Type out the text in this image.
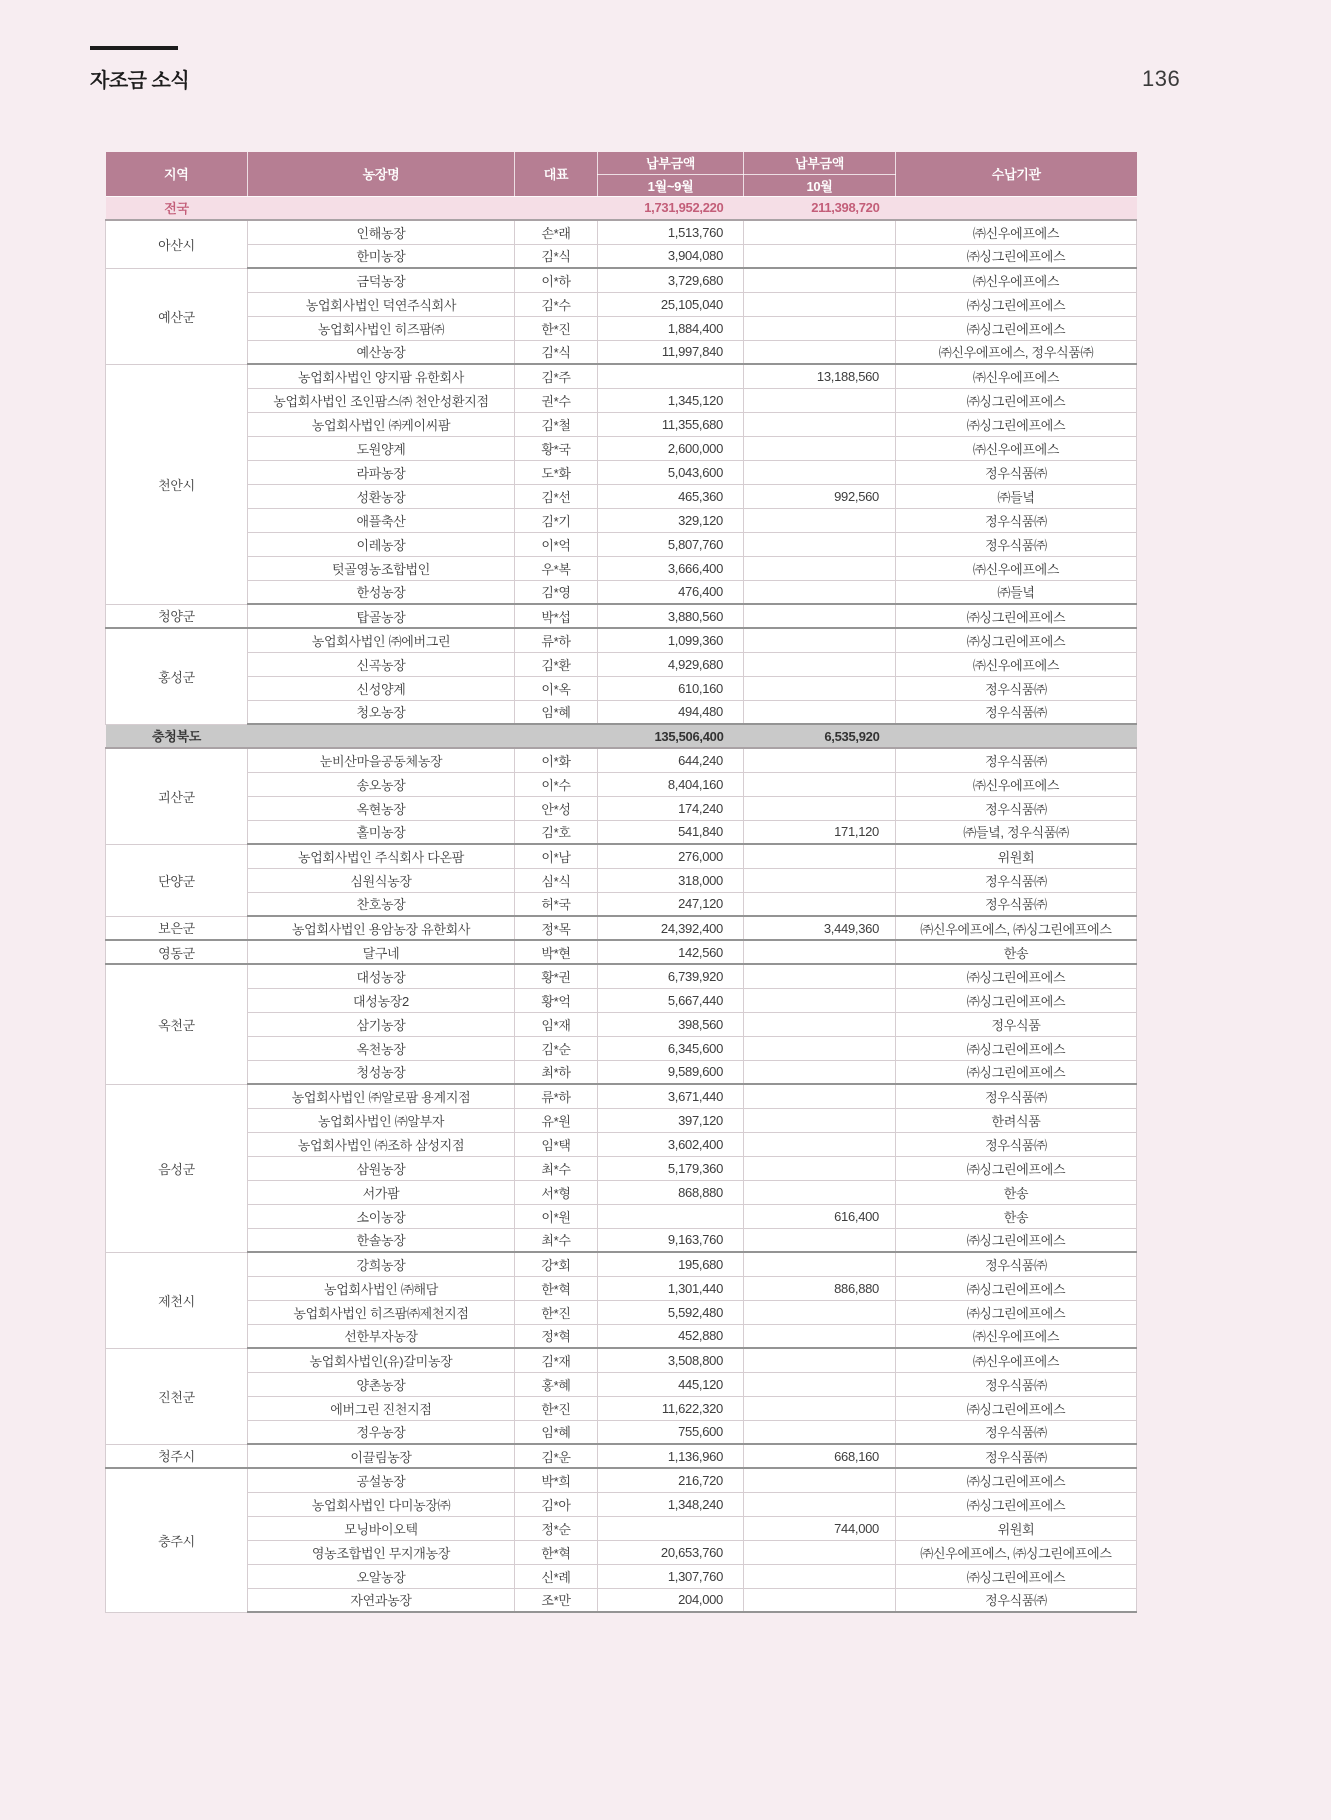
자조금 소식	136
지역	농장명	대표	납부금액	납부금액	수납기관
			1월~9월	10월	
전국			1,731,952,220	211,398,720	
아산시	인해농장	손*래	1,513,760		㈜신우에프에스
	한미농장	김*식	3,904,080		㈜싱그린에프에스
예산군	금덕농장	이*하	3,729,680		㈜신우에프에스
	농업회사법인 덕연주식회사	김*수	25,105,040		㈜싱그린에프에스
	농업회사법인 히즈팜㈜	한*진	1,884,400		㈜싱그린에프에스
	예산농장	김*식	11,997,840		㈜신우에프에스, 정우식품㈜
천안시	농업회사법인 양지팜 유한회사	김*주		13,188,560	㈜신우에프에스
	농업회사법인 조인팜스㈜ 천안성환지점	권*수	1,345,120		㈜싱그린에프에스
	농업회사법인 ㈜케이씨팜	김*철	11,355,680		㈜싱그린에프에스
	도원양계	황*국	2,600,000		㈜신우에프에스
	라파농장	도*화	5,043,600		정우식품㈜
	성환농장	김*선	465,360	992,560	㈜들녘
	애플축산	김*기	329,120		정우식품㈜
	이레농장	이*억	5,807,760		정우식품㈜
	텃골영농조합법인	우*복	3,666,400		㈜신우에프에스
	한성농장	김*영	476,400		㈜들녘
청양군	탑골농장	박*섭	3,880,560		㈜싱그린에프에스
홍성군	농업회사법인 ㈜에버그린	류*하	1,099,360		㈜싱그린에프에스
	신곡농장	김*환	4,929,680		㈜신우에프에스
	신성양계	이*옥	610,160		정우식품㈜
	청오농장	임*혜	494,480		정우식품㈜
충청북도			135,506,400	6,535,920	
괴산군	눈비산마을공동체농장	이*화	644,240		정우식품㈜
	송오농장	이*수	8,404,160		㈜신우에프에스
	옥현농장	안*성	174,240		정우식품㈜
	홀미농장	김*호	541,840	171,120	㈜들녘, 정우식품㈜
단양군	농업회사법인 주식회사 다온팜	이*남	276,000		위원회
	심원식농장	심*식	318,000		정우식품㈜
	찬호농장	허*국	247,120		정우식품㈜
보은군	농업회사법인 용암농장 유한회사	정*목	24,392,400	3,449,360	㈜신우에프에스, ㈜싱그린에프에스
영동군	달구네	박*현	142,560		한송
옥천군	대성농장	황*권	6,739,920		㈜싱그린에프에스
	대성농장2	황*억	5,667,440		㈜싱그린에프에스
	삼기농장	임*재	398,560		정우식품
	옥천농장	김*순	6,345,600		㈜싱그린에프에스
	청성농장	최*하	9,589,600		㈜싱그린에프에스
음성군	농업회사법인 ㈜알로팜 용계지점	류*하	3,671,440		정우식품㈜
	농업회사법인 ㈜알부자	유*원	397,120		한려식품
	농업회사법인 ㈜조하 삼성지점	임*택	3,602,400		정우식품㈜
	삼원농장	최*수	5,179,360		㈜싱그린에프에스
	서가팜	서*형	868,880		한송
	소이농장	이*원		616,400	한송
	한솔농장	최*수	9,163,760		㈜싱그린에프에스
제천시	강희농장	강*회	195,680		정우식품㈜
	농업회사법인 ㈜해담	한*혁	1,301,440	886,880	㈜싱그린에프에스
	농업회사법인 히즈팜㈜제천지점	한*진	5,592,480		㈜싱그린에프에스
	선한부자농장	정*혁	452,880		㈜신우에프에스
진천군	농업회사법인(유)갈미농장	김*재	3,508,800		㈜신우에프에스
	양촌농장	홍*혜	445,120		정우식품㈜
	에버그린 진천지점	한*진	11,622,320		㈜싱그린에프에스
	정우농장	임*혜	755,600		정우식품㈜
청주시	이끌림농장	김*운	1,136,960	668,160	정우식품㈜
충주시	공설농장	박*희	216,720		㈜싱그린에프에스
	농업회사법인 다미농장㈜	김*아	1,348,240		㈜싱그린에프에스
	모닝바이오텍	정*순		744,000	위원회
	영농조합법인 무지개농장	한*혁	20,653,760		㈜신우에프에스, ㈜싱그린에프에스
	오알농장	신*례	1,307,760		㈜싱그린에프에스
	자연과농장	조*만	204,000		정우식품㈜
